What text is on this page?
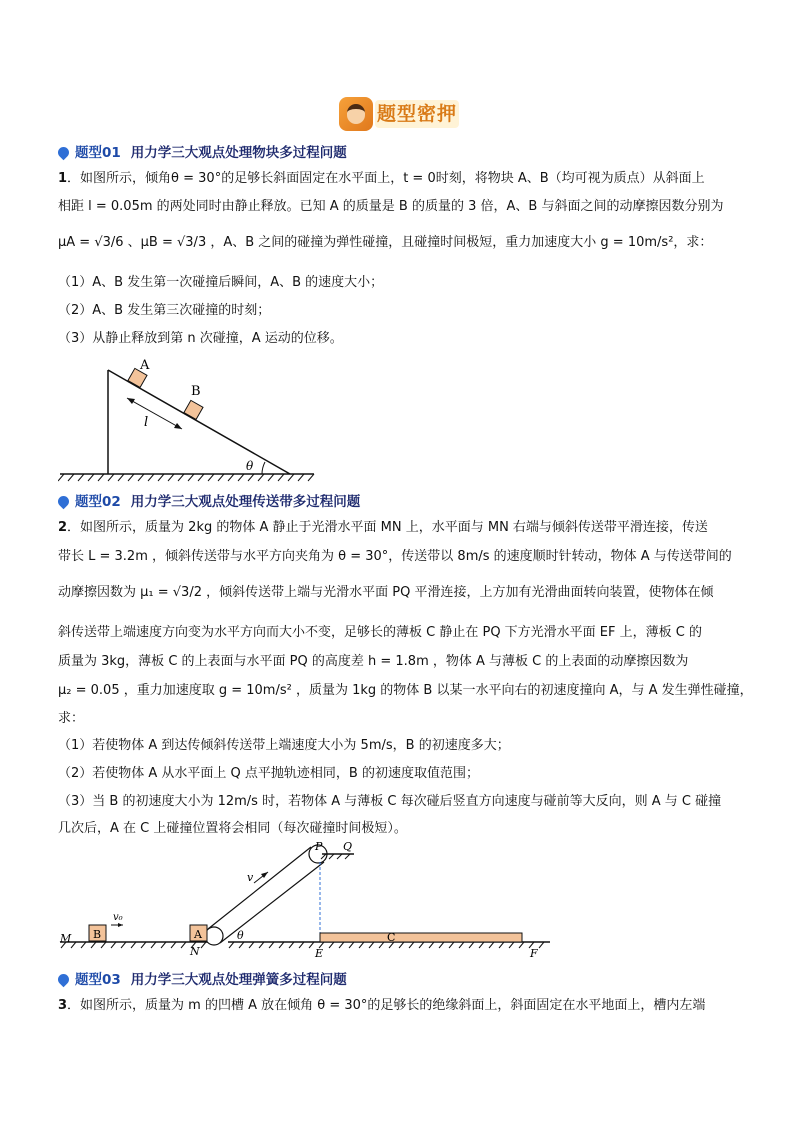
题型密押
题型01 用力学三大观点处理物块多过程问题
1．如图所示，倾角θ = 30°的足够长斜面固定在水平面上，t = 0时刻，将物块 A、B（均可视为质点）从斜面上
相距 l = 0.05m 的两处同时由静止释放。已知 A 的质量是 B 的质量的 3 倍，A、B 与斜面之间的动摩擦因数分别为
μA = √3/6 、μB = √3/3 ，A、B 之间的碰撞为弹性碰撞，且碰撞时间极短，重力加速度大小 g = 10m/s²，求：
（1）A、B 发生第一次碰撞后瞬间，A、B 的速度大小；
（2）A、B 发生第三次碰撞的时刻；
（3）从静止释放到第 n 次碰撞，A 运动的位移。
A
B
l
θ
题型02 用力学三大观点处理传送带多过程问题
2．如图所示，质量为 2kg 的物体 A 静止于光滑水平面 MN 上，水平面与 MN 右端与倾斜传送带平滑连接，传送
带长 L = 3.2m ，倾斜传送带与水平方向夹角为 θ = 30°，传送带以 8m/s 的速度顺时针转动，物体 A 与传送带间的
动摩擦因数为 μ₁ = √3/2 ，倾斜传送带上端与光滑水平面 PQ 平滑连接，上方加有光滑曲面转向装置，使物体在倾
斜传送带上端速度方向变为水平方向而大小不变，足够长的薄板 C 静止在 PQ 下方光滑水平面 EF 上，薄板 C 的
质量为 3kg，薄板 C 的上表面与水平面 PQ 的高度差 h = 1.8m ，物体 A 与薄板 C 的上表面的动摩擦因数为
μ₂ = 0.05 ，重力加速度取 g = 10m/s² ，质量为 1kg 的物体 B 以某一水平向右的初速度撞向 A，与 A 发生弹性碰撞，
求：
（1）若使物体 A 到达传倾斜传送带上端速度大小为 5m/s，B 的初速度多大；
（2）若使物体 A 从水平面上 Q 点平抛轨迹相同，B 的初速度取值范围；
（3）当 B 的初速度大小为 12m/s 时，若物体 A 与薄板 C 每次碰后竖直方向速度与碰前等大反向，则 A 与 C 碰撞
几次后，A 在 C 上碰撞位置将会相同（每次碰撞时间极短）。
P Q
v
B	A
v₀
M
N
θ	C
E	F
题型03 用力学三大观点处理弹簧多过程问题
3．如图所示，质量为 m 的凹槽 A 放在倾角 θ = 30°的足够长的绝缘斜面上，斜面固定在水平地面上，槽内左端
